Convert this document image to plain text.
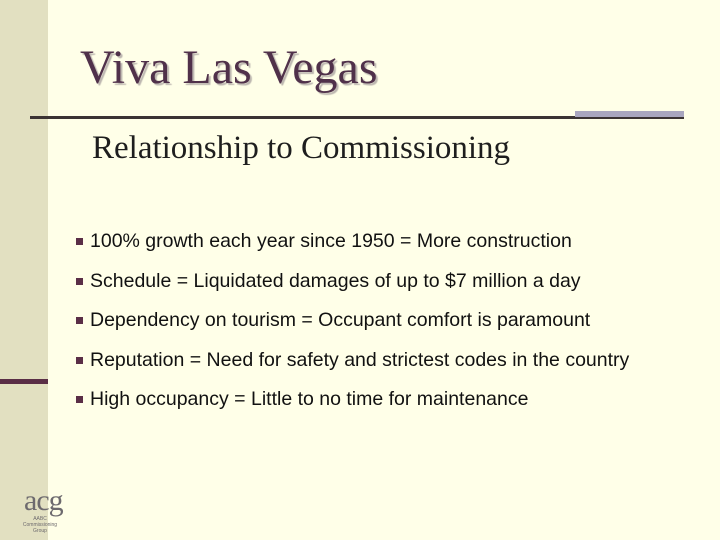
Viva Las Vegas
Relationship to Commissioning
100% growth each year since 1950 = More construction
Schedule = Liquidated damages of up to $7 million a day
Dependency on tourism = Occupant comfort is paramount
Reputation = Need for safety and strictest codes in the country
High occupancy = Little to no time for maintenance
acg
AABC
Commissioning
Group
